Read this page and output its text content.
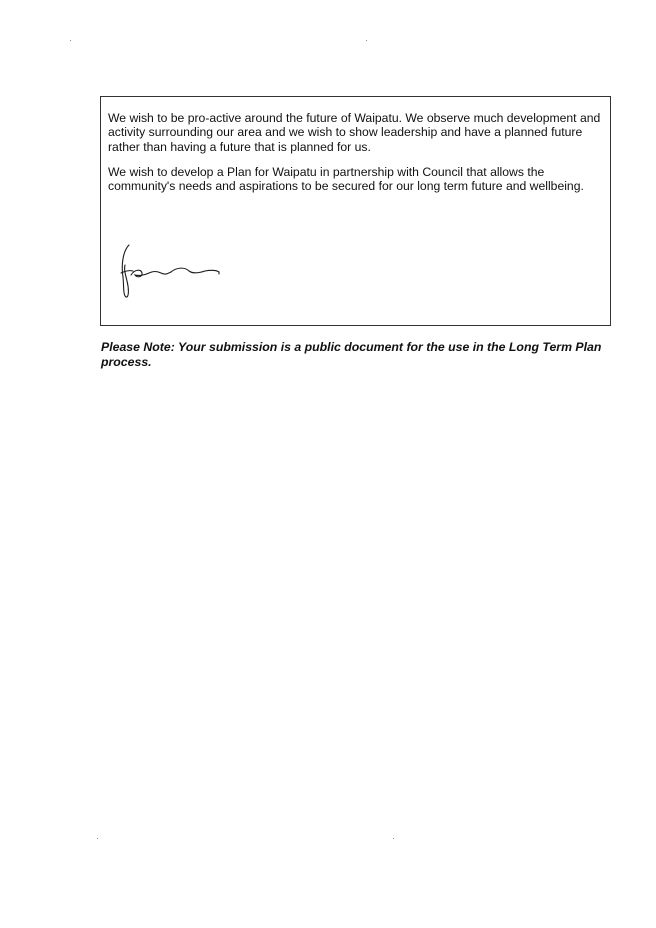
We wish to be pro-active around the future of Waipatu. We observe much development and
activity surrounding our area and we wish to show leadership and have a planned future
rather than having a future that is planned for us.

We wish to develop a Plan for Waipatu in partnership with Council that allows the
community's needs and aspirations to be secured for our long term future and wellbeing.

Please Note: Your submission is a public document for the use in the Long Term Plan
process.
